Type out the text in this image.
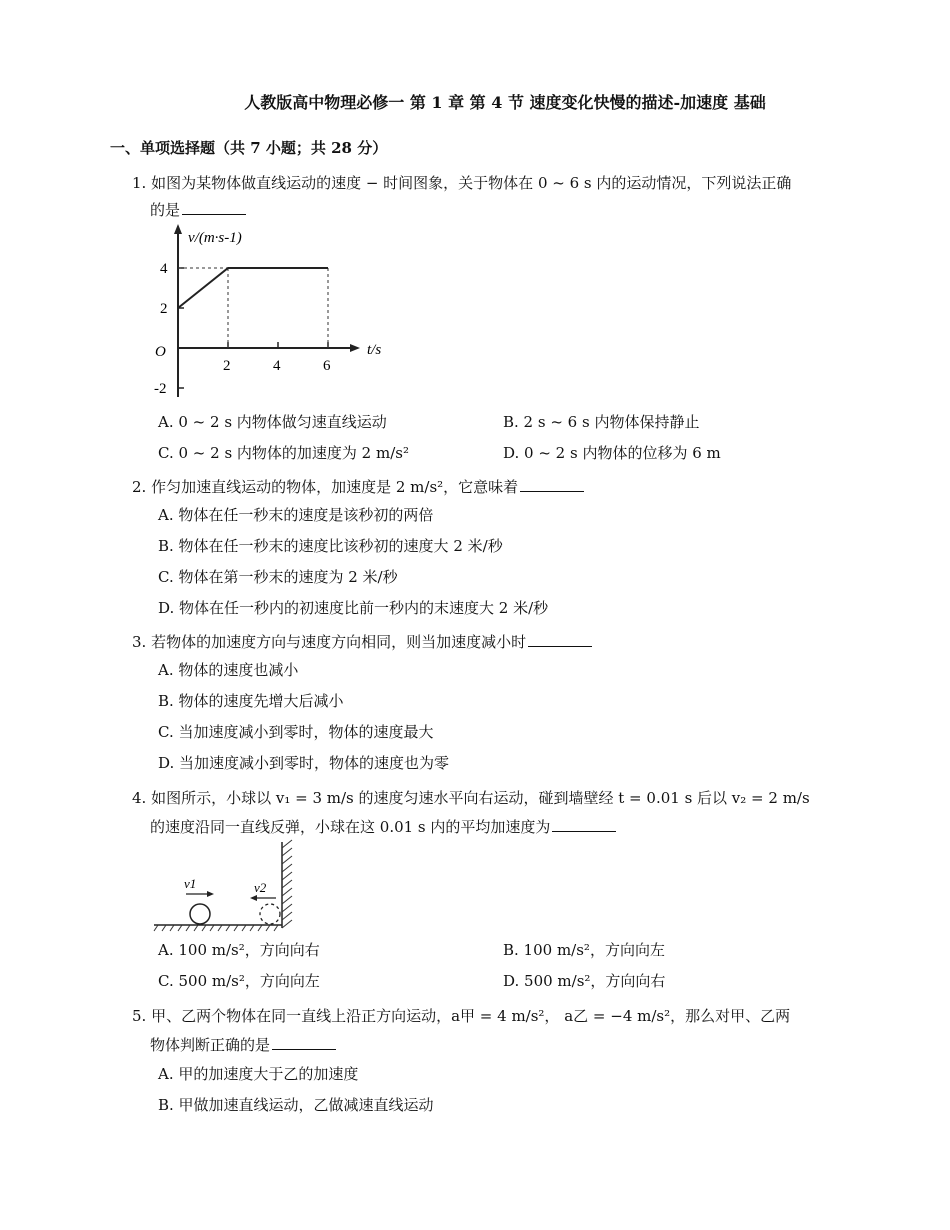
人教版高中物理必修一 第 1 章 第 4 节 速度变化快慢的描述-加速度 基础
一、单项选择题（共 7 小题；共 28 分）
1. 如图为某物体做直线运动的速度 − 时间图象，关于物体在 0 ~ 6 s 内的运动情况，下列说法正确
的是
v/(m·s-1)
t/s
O
4
2
-2
2	4	6
A. 0 ~ 2 s 内物体做匀速直线运动	B. 2 s ~ 6 s 内物体保持静止
C. 0 ~ 2 s 内物体的加速度为 2 m/s²	D. 0 ~ 2 s 内物体的位移为 6 m
2. 作匀加速直线运动的物体，加速度是 2 m/s²，它意味着
A. 物体在任一秒末的速度是该秒初的两倍
B. 物体在任一秒末的速度比该秒初的速度大 2 米/秒
C. 物体在第一秒末的速度为 2 米/秒
D. 物体在任一秒内的初速度比前一秒内的末速度大 2 米/秒
3. 若物体的加速度方向与速度方向相同，则当加速度减小时
A. 物体的速度也减小
B. 物体的速度先增大后减小
C. 当加速度减小到零时，物体的速度最大
D. 当加速度减小到零时，物体的速度也为零
4. 如图所示，小球以 v₁ = 3 m/s 的速度匀速水平向右运动，碰到墙壁经 t = 0.01 s 后以 v₂ = 2 m/s
的速度沿同一直线反弹，小球在这 0.01 s 内的平均加速度为
v1	v2
A. 100 m/s²，方向向右	B. 100 m/s²，方向向左
C. 500 m/s²，方向向左	D. 500 m/s²，方向向右
5. 甲、乙两个物体在同一直线上沿正方向运动，a甲 = 4 m/s²， a乙 = −4 m/s²，那么对甲、乙两
物体判断正确的是
A. 甲的加速度大于乙的加速度
B. 甲做加速直线运动，乙做减速直线运动
